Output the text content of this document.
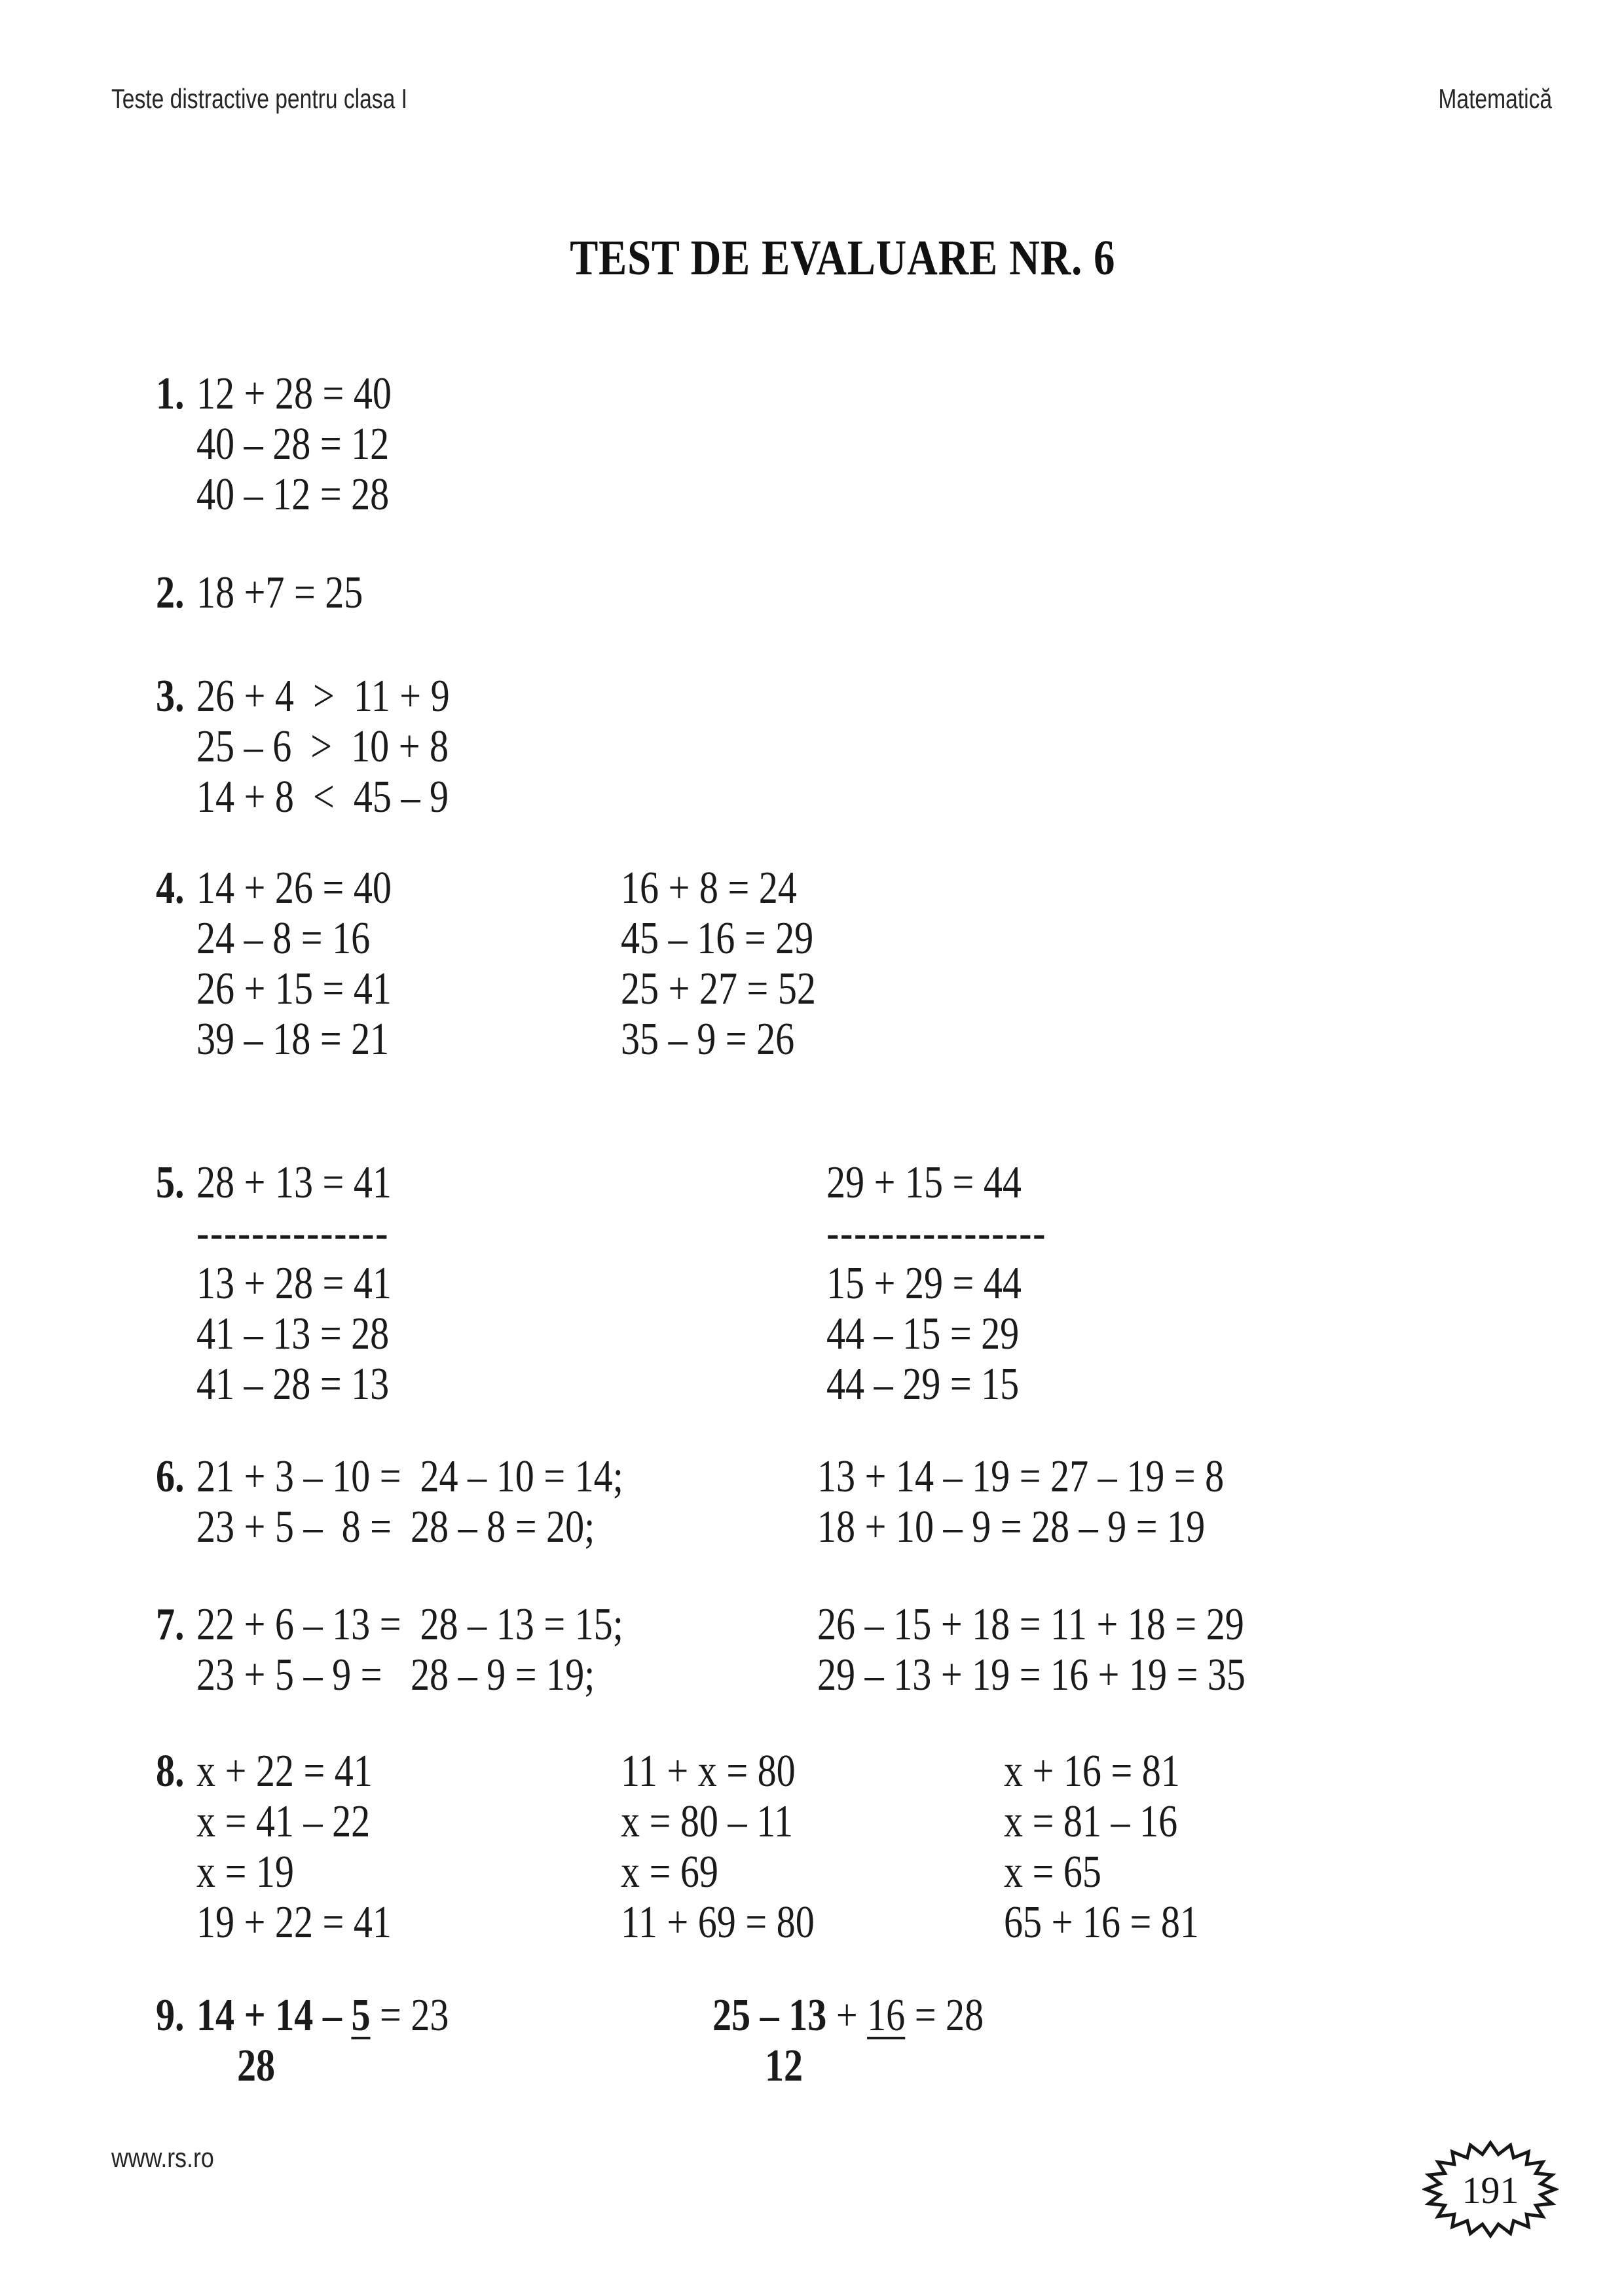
Teste distractive pentru clasa I	Matematică
TEST DE EVALUARE NR. 6
1. 12 + 28 = 40
40 – 28 = 12
40 – 12 = 28
2. 18 +7 = 25
3. 26 + 4  >  11 + 9
25 – 6  >  10 + 8
14 + 8  <  45 – 9
4. 14 + 26 = 40
24 – 8 = 16
26 + 15 = 41
39 – 18 = 21
16 + 8 = 24
45 – 16 = 29
25 + 27 = 52
35 – 9 = 26
5. 28 + 13 = 41
--------------
13 + 28 = 41
41 – 13 = 28
41 – 28 = 13
29 + 15 = 44
----------------
15 + 29 = 44
44 – 15 = 29
44 – 29 = 15
6. 21 + 3 – 10 =  24 – 10 = 14;
23 + 5 –  8 =  28 – 8 = 20;
13 + 14 – 19 = 27 – 19 = 8
18 + 10 – 9 = 28 – 9 = 19
7. 22 + 6 – 13 =  28 – 13 = 15;
23 + 5 – 9 =   28 – 9 = 19;
26 – 15 + 18 = 11 + 18 = 29
29 – 13 + 19 = 16 + 19 = 35
8. x + 22 = 41
x = 41 – 22
x = 19
19 + 22 = 41
11 + x = 80
x = 80 – 11
x = 69
11 + 69 = 80
x + 16 = 81
x = 81 – 16
x = 65
65 + 16 = 81
9. 14 + 14 – 5 = 23
28
25 – 13 + 16 = 28
12
www.rs.ro
191
